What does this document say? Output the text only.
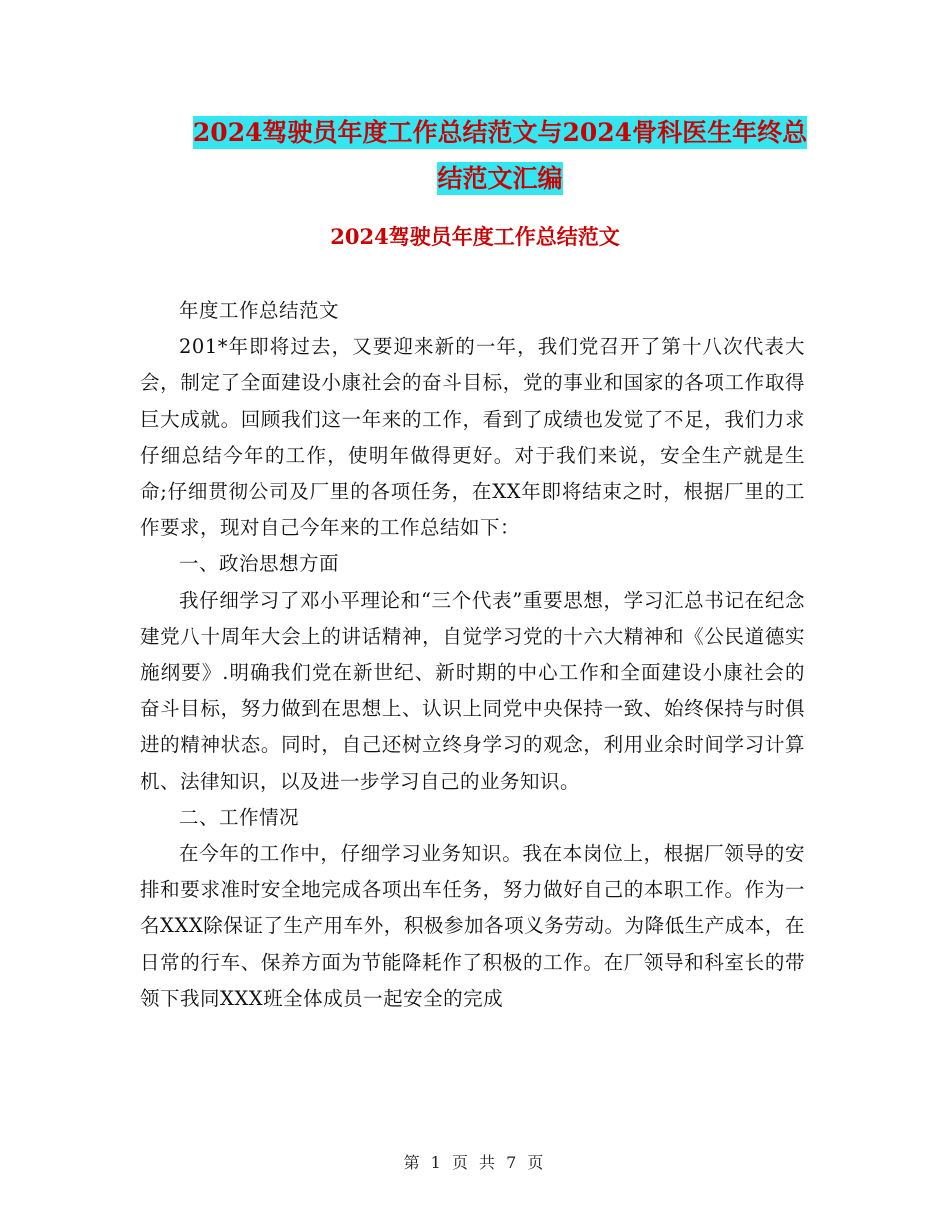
2024驾驶员年度工作总结范文与2024骨科医生年终总
结范文汇编
2024驾驶员年度工作总结范文

年度工作总结范文

201*年即将过去，又要迎来新的一年，我们党召开了第十八次代表大会，制定了全面建设小康社会的奋斗目标，党的事业和国家的各项工作取得巨大成就。回顾我们这一年来的工作，看到了成绩也发觉了不足，我们力求仔细总结今年的工作，使明年做得更好。对于我们来说，安全生产就是生命;仔细贯彻公司及厂里的各项任务，在XX年即将结束之时，根据厂里的工作要求，现对自己今年来的工作总结如下：

一、政治思想方面

我仔细学习了邓小平理论和“三个代表”重要思想，学习汇总书记在纪念建党八十周年大会上的讲话精神，自觉学习党的十六大精神和《公民道德实施纲要》.明确我们党在新世纪、新时期的中心工作和全面建设小康社会的奋斗目标，努力做到在思想上、认识上同党中央保持一致、始终保持与时俱进的精神状态。同时，自己还树立终身学习的观念，利用业余时间学习计算机、法律知识，以及进一步学习自己的业务知识。

二、工作情况

在今年的工作中，仔细学习业务知识。我在本岗位上，根据厂领导的安排和要求准时安全地完成各项出车任务，努力做好自己的本职工作。作为一名XXX除保证了生产用车外，积极参加各项义务劳动。为降低生产成本，在日常的行车、保养方面为节能降耗作了积极的工作。在厂领导和科室长的带领下我同XXX班全体成员一起安全的完成

第 1 页 共 7 页
